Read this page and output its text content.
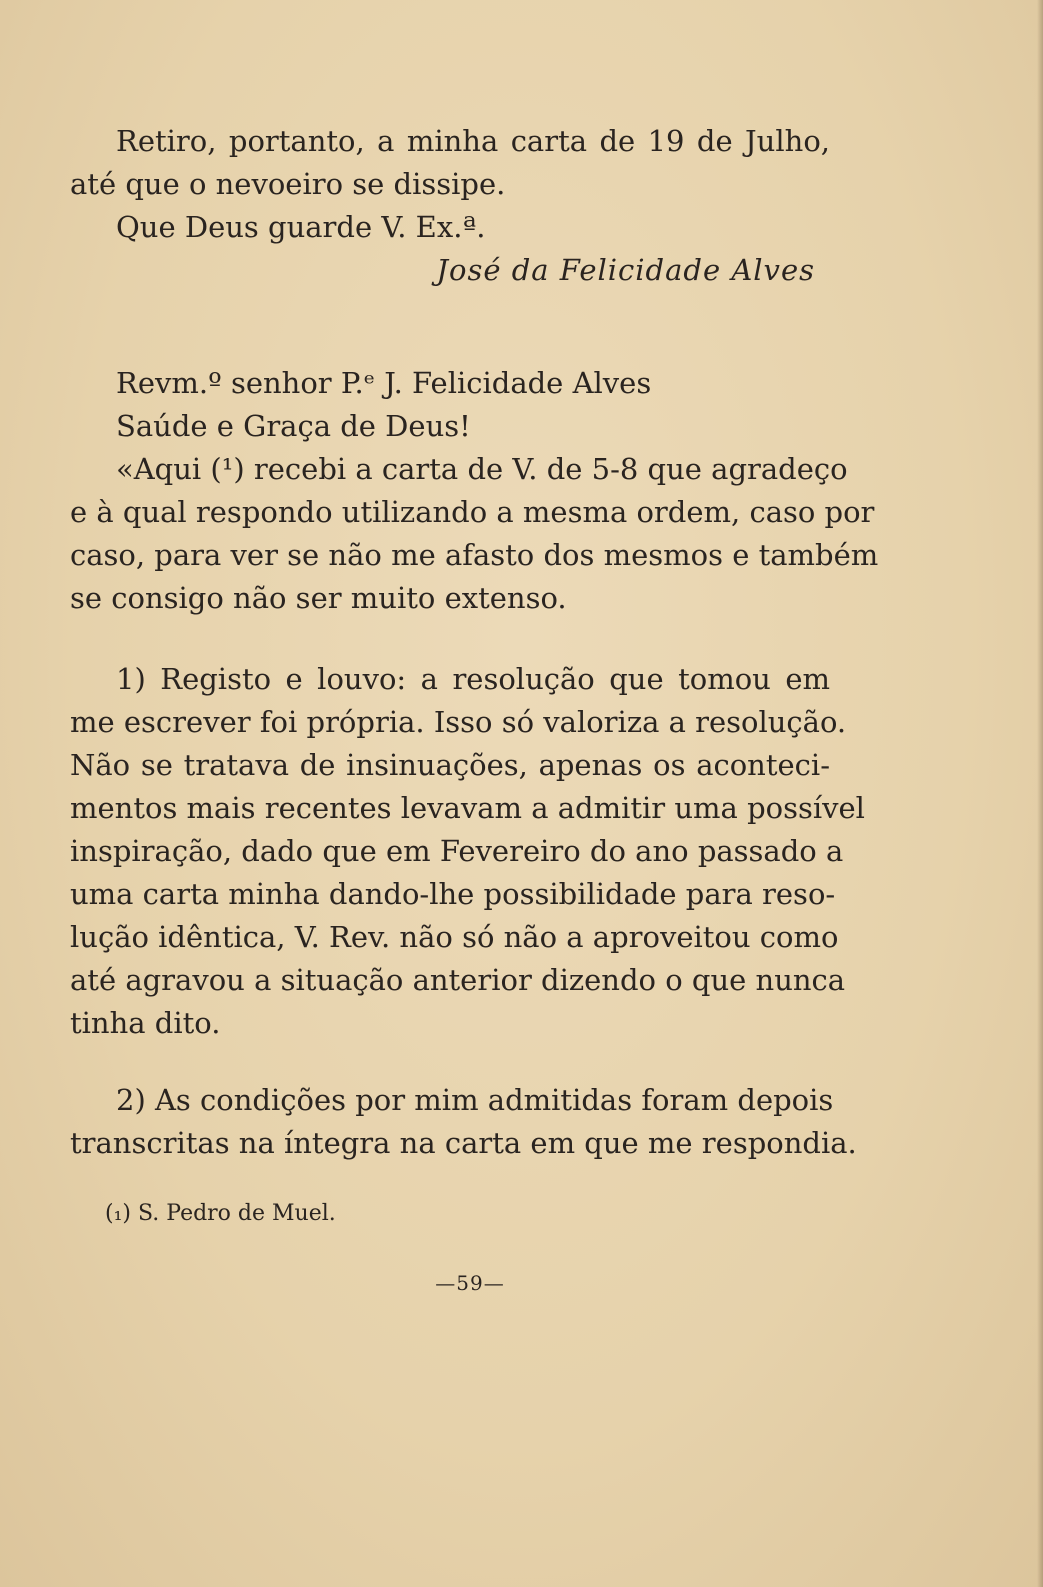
Retiro, portanto, a minha carta de 19 de Julho,
até que o nevoeiro se dissipe.
Que Deus guarde V. Ex.ª.
José da Felicidade Alves
Revm.º senhor P.ᵉ J. Felicidade Alves
Saúde e Graça de Deus!
«Aqui (¹) recebi a carta de V. de 5-8 que agradeço
e à qual respondo utilizando a mesma ordem, caso por
caso, para ver se não me afasto dos mesmos e também
se consigo não ser muito extenso.
1) Registo e louvo: a resolução que tomou em
me escrever foi própria. Isso só valoriza a resolução.
Não se tratava de insinuações, apenas os aconteci-
mentos mais recentes levavam a admitir uma possível
inspiração, dado que em Fevereiro do ano passado a
uma carta minha dando-lhe possibilidade para reso-
lução idêntica, V. Rev. não só não a aproveitou como
até agravou a situação anterior dizendo o que nunca
tinha dito.
2) As condições por mim admitidas foram depois
transcritas na íntegra na carta em que me respondia.
(₁) S. Pedro de Muel.
—59—
